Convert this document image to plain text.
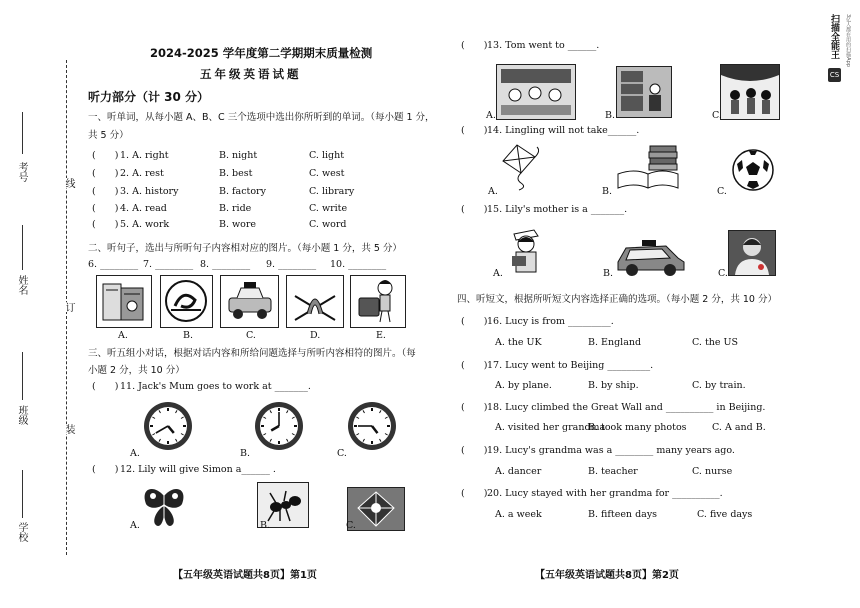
考号
线
姓名
订
班级
装
学校
2024-2025 学年度第二学期期末质量检测
五年级英语试题
听力部分（计 30 分）
一、听单词，从每小题 A、B、C 三个选项中选出你所听到的单词。（每小题 1 分，
共 5 分）
(　　) 1. A. right	B. night	C. light
(　　) 2. A. rest	B. best	C. west
(　　) 3. A. history	B. factory	C. library
(　　) 4. A. read	B. ride	C. write
(　　) 5. A. work	B. wore	C. word
二、听句子，选出与所听句子内容相对应的图片。（每小题 1 分，共 5 分）
6. ________ 7. ________ 8. ________ 9. ________ 10. ________
A.	B.	C.	D.	E.
三、听五组小对话，根据对话内容和所给问题选择与所听内容相符的图片。（每
小题 2 分，共 10 分）
(　　) 11. Jack's Mum goes to work at _______.
A.	B.	C.
(　　) 12. Lily will give Simon a______ .
A.	B.	C.
【五年级英语试题共8页】第1页
(　　) 13. Tom went to ______.
A.	B.	C.
(　　) 14. Lingling will not take______.
A.	B.	C.
(　　) 15. Lily's mother is a _______.
A.	B.	C.
四、听短文，根据所听短文内容选择正确的选项。（每小题 2 分，共 10 分）
(　　) 16. Lucy is from _________.
A. the UK	B. England	C. the US
(　　) 17. Lucy went to Beijing _________.
A. by plane.	B. by ship.	C. by train.
(　　) 18. Lucy climbed the Great Wall and __________ in Beijing.
A. visited her grandma
B. took many photos	C. A and B.
(　　) 19. Lucy's grandma was a ________ many years ago.
A. dancer	B. teacher	C. nurse
(　　) 20. Lucy stayed with her grandma for __________.
A. a week	B. fifteen days	C. five days
【五年级英语试题共8页】第2页
CS
扫描全能王	3亿人都在用的扫描App
